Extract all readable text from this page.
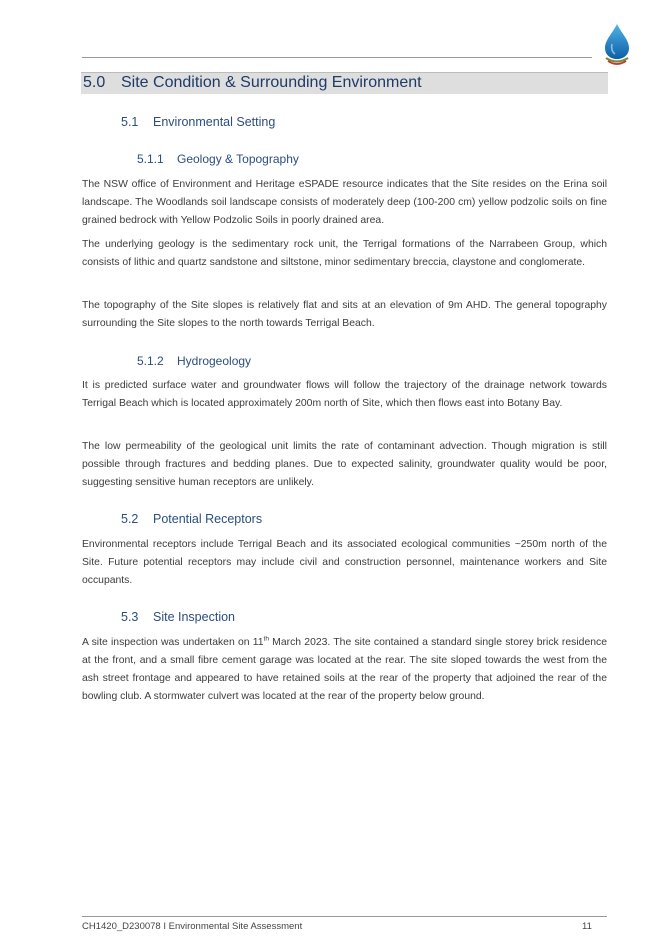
5.0 Site Condition & Surrounding Environment
5.1 Environmental Setting
5.1.1 Geology & Topography

The NSW office of Environment and Heritage eSPADE resource indicates that the Site resides on the Erina soil landscape. The Woodlands soil landscape consists of moderately deep (100-200 cm) yellow podzolic soils on fine grained bedrock with Yellow Podzolic Soils in poorly drained area.

The underlying geology is the sedimentary rock unit, the Terrigal formations of the Narrabeen Group, which consists of lithic and quartz sandstone and siltstone, minor sedimentary breccia, claystone and conglomerate.

The topography of the Site slopes is relatively flat and sits at an elevation of 9m AHD. The general topography surrounding the Site slopes to the north towards Terrigal Beach.

5.1.2 Hydrogeology

It is predicted surface water and groundwater flows will follow the trajectory of the drainage network towards Terrigal Beach which is located approximately 200m north of Site, which then flows east into Botany Bay.

The low permeability of the geological unit limits the rate of contaminant advection. Though migration is still possible through fractures and bedding planes. Due to expected salinity, groundwater quality would be poor, suggesting sensitive human receptors are unlikely.

5.2 Potential Receptors

Environmental receptors include Terrigal Beach and its associated ecological communities ~250m north of the Site. Future potential receptors may include civil and construction personnel, maintenance workers and Site occupants.

5.3 Site Inspection

A site inspection was undertaken on 11th March 2023. The site contained a standard single storey brick residence at the front, and a small fibre cement garage was located at the rear. The site sloped towards the west from the ash street frontage and appeared to have retained soils at the rear of the property that adjoined the rear of the bowling club. A stormwater culvert was located at the rear of the property below ground.

CH1420_D230078 I Environmental Site Assessment	11
